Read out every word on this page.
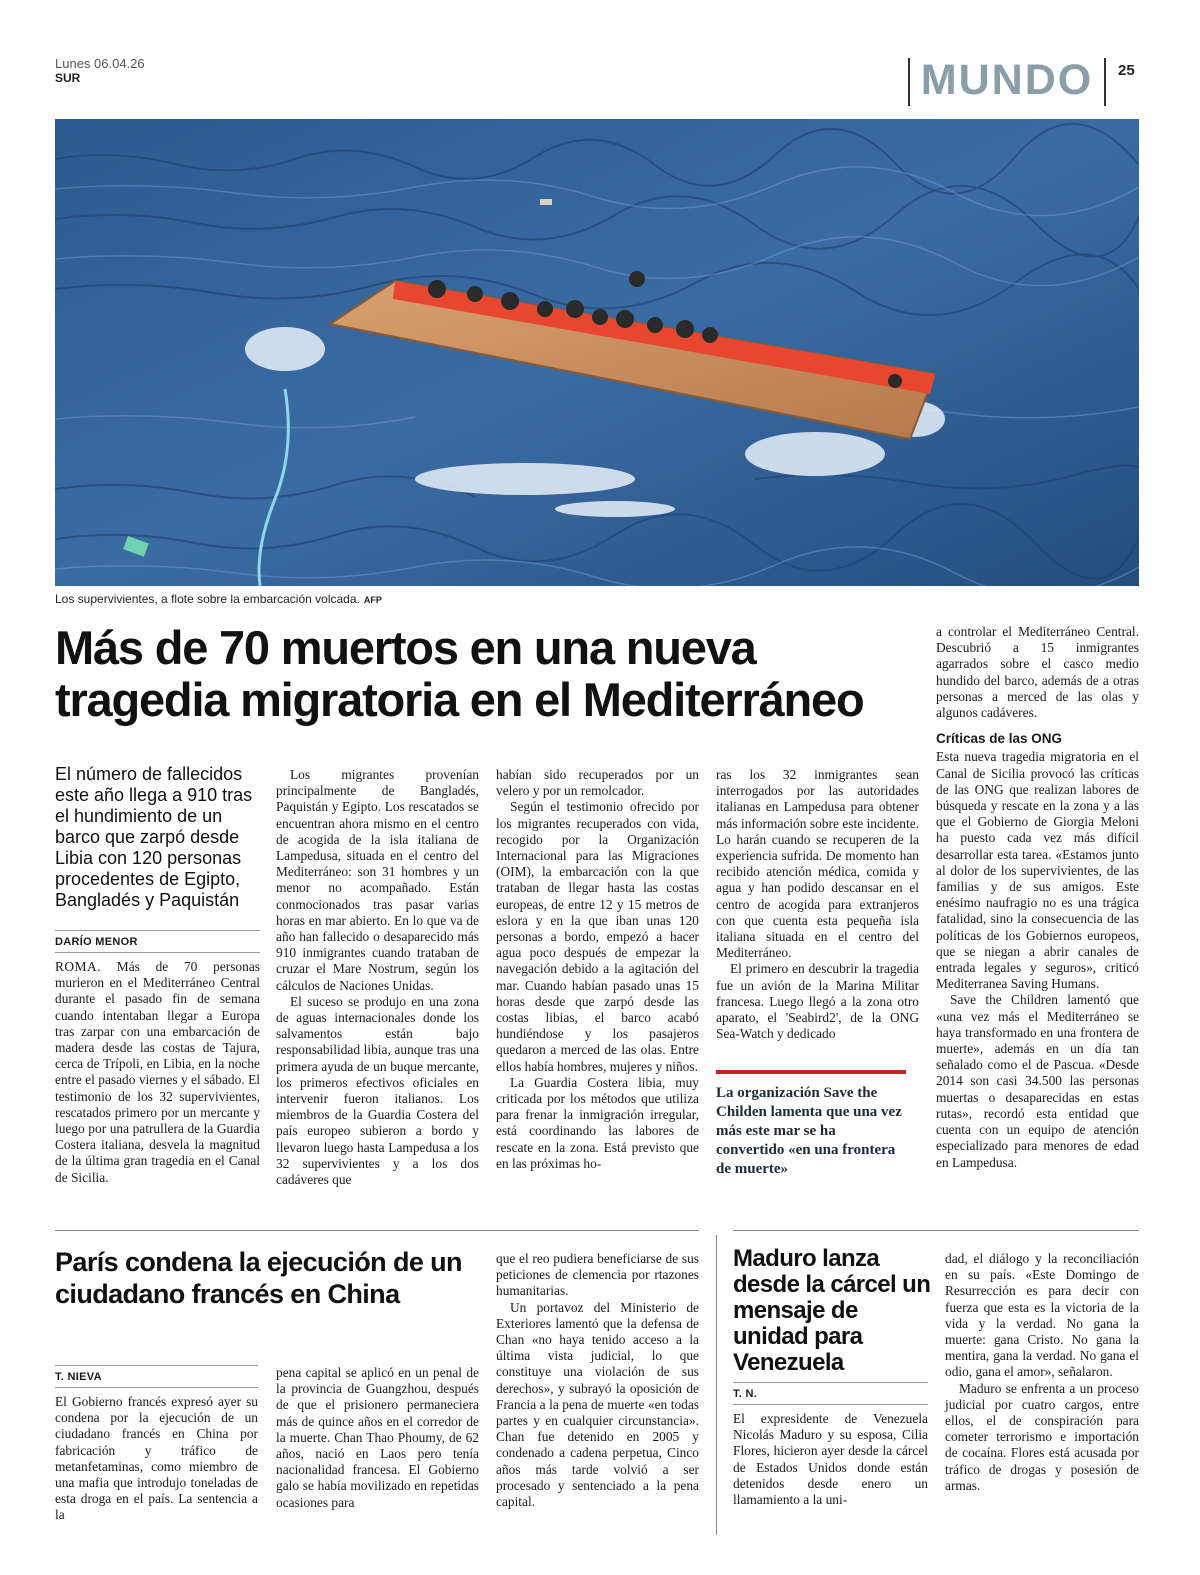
Lunes 06.04.26
SUR	MUNDO	25
Los supervivientes, a flote sobre la embarcación volcada. AFP
Más de 70 muertos en una nueva tragedia migratoria en el Mediterráneo
El número de fallecidos este año llega a 910 tras el hundimiento de un barco que zarpó desde Libia con 120 personas procedentes de Egipto, Bangladés y Paquistán
DARÍO MENOR

ROMA. Más de 70 personas murieron en el Mediterráneo Central durante el pasado fin de semana cuando intentaban llegar a Europa tras zarpar con una embarcación de madera desde las costas de Tajura, cerca de Trípoli, en Libia, en la noche entre el pasado viernes y el sábado. El testimonio de los 32 supervivientes, rescatados primero por un mercante y luego por una patrullera de la Guardia Costera italiana, desvela la magnitud de la última gran tragedia en el Canal de Sicilia.

Los migrantes provenían principalmente de Bangladés, Paquistán y Egipto. Los rescatados se encuentran ahora mismo en el centro de acogida de la isla italiana de Lampedusa, situada en el centro del Mediterráneo: son 31 hombres y un menor no acompañado. Están conmocionados tras pasar varias horas en mar abierto. En lo que va de año han fallecido o desaparecido más 910 inmigrantes cuando trataban de cruzar el Mare Nostrum, según los cálculos de Naciones Unidas.

El suceso se produjo en una zona de aguas internacionales donde los salvamentos están bajo responsabilidad libia, aunque tras una primera ayuda de un buque mercante, los primeros efectivos oficiales en intervenir fueron italianos. Los miembros de la Guardia Costera del país europeo subieron a bordo y llevaron luego hasta Lampedusa a los 32 supervivientes y a los dos cadáveres que

habían sido recuperados por un velero y por un remolcador.

Según el testimonio ofrecido por los migrantes recuperados con vida, recogido por la Organización Internacional para las Migraciones (OIM), la embarcación con la que trataban de llegar hasta las costas europeas, de entre 12 y 15 metros de eslora y en la que iban unas 120 personas a bordo, empezó a hacer agua poco después de empezar la navegación debido a la agitación del mar. Cuando habían pasado unas 15 horas desde que zarpó desde las costas libias, el barco acabó hundiéndose y los pasajeros quedaron a merced de las olas. Entre ellos había hombres, mujeres y niños.

La Guardia Costera libia, muy criticada por los métodos que utiliza para frenar la inmigración irregular, está coordinando las labores de rescate en la zona. Está previsto que en las próximas ho-

ras los 32 inmigrantes sean interrogados por las autoridades italianas en Lampedusa para obtener más información sobre este incidente. Lo harán cuando se recuperen de la experiencia sufrida. De momento han recibido atención médica, comida y agua y han podido descansar en el centro de acogida para extranjeros con que cuenta esta pequeña isla italiana situada en el centro del Mediterráneo.

El primero en descubrir la tragedia fue un avión de la Marina Militar francesa. Luego llegó a la zona otro aparato, el 'Seabird2', de la ONG Sea-Watch y dedicado

La organización Save the Childen lamenta que una vez más este mar se ha convertido «en una frontera de muerte»

a controlar el Mediterráneo Central. Descubrió a 15 inmigrantes agarrados sobre el casco medio hundido del barco, además de a otras personas a merced de las olas y algunos cadáveres.

Críticas de las ONG

Esta nueva tragedia migratoria en el Canal de Sicilia provocó las críticas de las ONG que realizan labores de búsqueda y rescate en la zona y a las que el Gobierno de Giorgia Meloni ha puesto cada vez más difícil desarrollar esta tarea. «Estamos junto al dolor de los supervivientes, de las familias y de sus amigos. Este enésimo naufragio no es una trágica fatalidad, sino la consecuencia de las políticas de los Gobiernos europeos, que se niegan a abrir canales de entrada legales y seguros», criticó Mediterranea Saving Humans.

Save the Children lamentó que «una vez más el Mediterráneo se haya transformado en una frontera de muerte», además en un día tan señalado como el de Pascua. «Desde 2014 son casi 34.500 las personas muertas o desaparecidas en estas rutas», recordó esta entidad que cuenta con un equipo de atención especializado para menores de edad en Lampedusa.

París condena la ejecución de un ciudadano francés en China
T. NIEVA

El Gobierno francés expresó ayer su condena por la ejecución de un ciudadano francés en China por fabricación y tráfico de metanfetaminas, como miembro de una mafia que introdujo toneladas de esta droga en el país. La sentencia a la

pena capital se aplicó en un penal de la provincia de Guangzhou, después de que el prisionero permaneciera más de quince años en el corredor de la muerte. Chan Thao Phoumy, de 62 años, nació en Laos pero tenía nacionalidad francesa. El Gobierno galo se había movilizado en repetidas ocasiones para

que el reo pudiera beneficiarse de sus peticiones de clemencia por rtazones humanitarias.

Un portavoz del Ministerio de Exteriores lamentó que la defensa de Chan «no haya tenido acceso a la última vista judicial, lo que constituye una violación de sus derechos», y subrayó la oposición de Francia a la pena de muerte «en todas partes y en cualquier circunstancia». Chan fue detenido en 2005 y condenado a cadena perpetua, Cinco años más tarde volvió a ser procesado y sentenciado a la pena capital.

Maduro lanza desde la cárcel un mensaje de unidad para Venezuela
T. N.

El expresidente de Venezuela Nicolás Maduro y su esposa, Cilia Flores, hicieron ayer desde la cárcel de Estados Unidos donde están detenidos desde enero un llamamiento a la uni-

dad, el diálogo y la reconciliación en su país. «Este Domingo de Resurrección es para decir con fuerza que esta es la victoria de la vida y la verdad. No gana la muerte: gana Cristo. No gana la mentira, gana la verdad. No gana el odio, gana el amor», señalaron.

Maduro se enfrenta a un proceso judicial por cuatro cargos, entre ellos, el de conspiración para cometer terrorismo e importación de cocaína. Flores está acusada por tráfico de drogas y posesión de armas.
